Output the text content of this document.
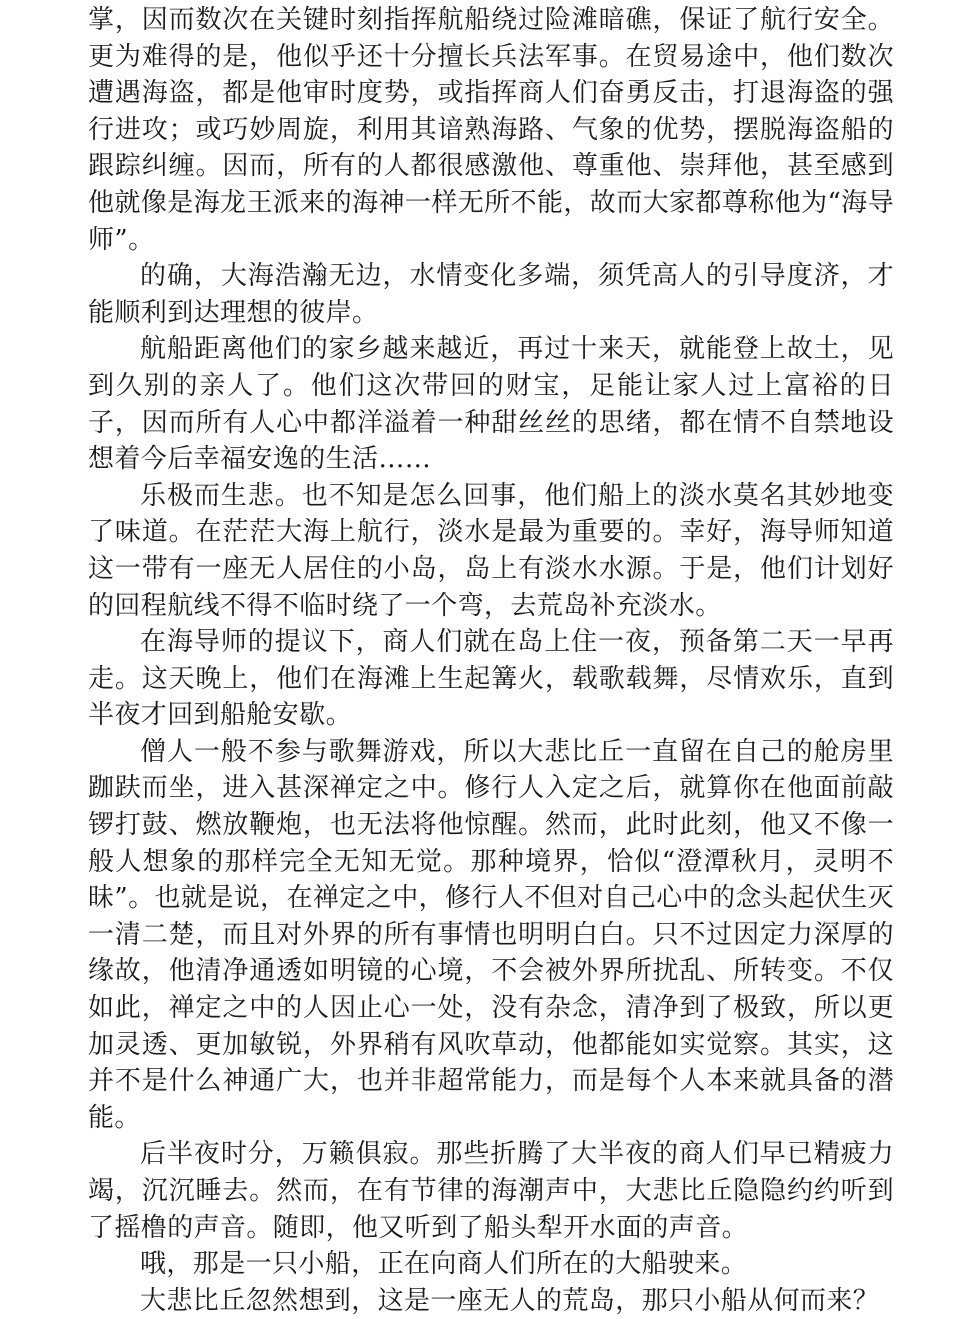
掌，因而数次在关键时刻指挥航船绕过险滩暗礁，保证了航行安全。更为难得的是，他似乎还十分擅长兵法军事。在贸易途中，他们数次遭遇海盗，都是他审时度势，或指挥商人们奋勇反击，打退海盗的强行进攻；或巧妙周旋，利用其谙熟海路、气象的优势，摆脱海盗船的跟踪纠缠。因而，所有的人都很感激他、尊重他、崇拜他，甚至感到他就像是海龙王派来的海神一样无所不能，故而大家都尊称他为“海导师”。

的确，大海浩瀚无边，水情变化多端，须凭高人的引导度济，才能顺利到达理想的彼岸。

航船距离他们的家乡越来越近，再过十来天，就能登上故土，见到久别的亲人了。他们这次带回的财宝，足能让家人过上富裕的日子，因而所有人心中都洋溢着一种甜丝丝的思绪，都在情不自禁地设想着今后幸福安逸的生活……

乐极而生悲。也不知是怎么回事，他们船上的淡水莫名其妙地变了味道。在茫茫大海上航行，淡水是最为重要的。幸好，海导师知道这一带有一座无人居住的小岛，岛上有淡水水源。于是，他们计划好的回程航线不得不临时绕了一个弯，去荒岛补充淡水。

在海导师的提议下，商人们就在岛上住一夜，预备第二天一早再走。这天晚上，他们在海滩上生起篝火，载歌载舞，尽情欢乐，直到半夜才回到船舱安歇。

僧人一般不参与歌舞游戏，所以大悲比丘一直留在自己的舱房里跏趺而坐，进入甚深禅定之中。修行人入定之后，就算你在他面前敲锣打鼓、燃放鞭炮，也无法将他惊醒。然而，此时此刻，他又不像一般人想象的那样完全无知无觉。那种境界，恰似“澄潭秋月，灵明不昧”。也就是说，在禅定之中，修行人不但对自己心中的念头起伏生灭一清二楚，而且对外界的所有事情也明明白白。只不过因定力深厚的缘故，他清净通透如明镜的心境，不会被外界所扰乱、所转变。不仅如此，禅定之中的人因止心一处，没有杂念，清净到了极致，所以更加灵透、更加敏锐，外界稍有风吹草动，他都能如实觉察。其实，这并不是什么神通广大，也并非超常能力，而是每个人本来就具备的潜能。

后半夜时分，万籁俱寂。那些折腾了大半夜的商人们早已精疲力竭，沉沉睡去。然而，在有节律的海潮声中，大悲比丘隐隐约约听到了摇橹的声音。随即，他又听到了船头犁开水面的声音。

哦，那是一只小船，正在向商人们所在的大船驶来。

大悲比丘忽然想到，这是一座无人的荒岛，那只小船从何而来？
